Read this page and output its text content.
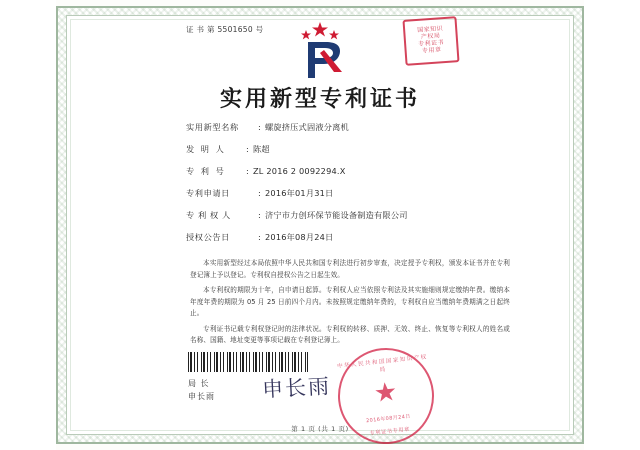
证 书 第 5501650 号	国家知识
产权局
专利证书
专用章
实用新型专利证书
实用新型名称	: 螺旋挤压式固液分离机
发 明 人	: 陈超
专 利 号	: ZL 2016 2 0092294.X
专利申请日	: 2016年01月31日
专 利 权 人	: 济宁市力创环保节能设备制造有限公司
授权公告日	: 2016年08月24日

本实用新型经过本局依照中华人民共和国专利法进行初步审查，决定授予专利权，颁发本证书并在专利登记簿上予以登记。专利权自授权公告之日起生效。

本专利权的期限为十年，自申请日起算。专利权人应当依照专利法及其实施细则规定缴纳年费。缴纳本年度年费的期限为 05 月 25 日前四个月内。未按照规定缴纳年费的，专利权自应当缴纳年费期满之日起终止。

专利证书记载专利权登记时的法律状况。专利权的转移、质押、无效、终止、恢复等专利权人的姓名或名称、国籍、地址变更等事项记载在专利登记簿上。

局 长
申长雨 申长雨
中华人民共和国国家知识产权局
★
2016年08月24日
专利证书专用章
第 1 页 (共 1 页)
